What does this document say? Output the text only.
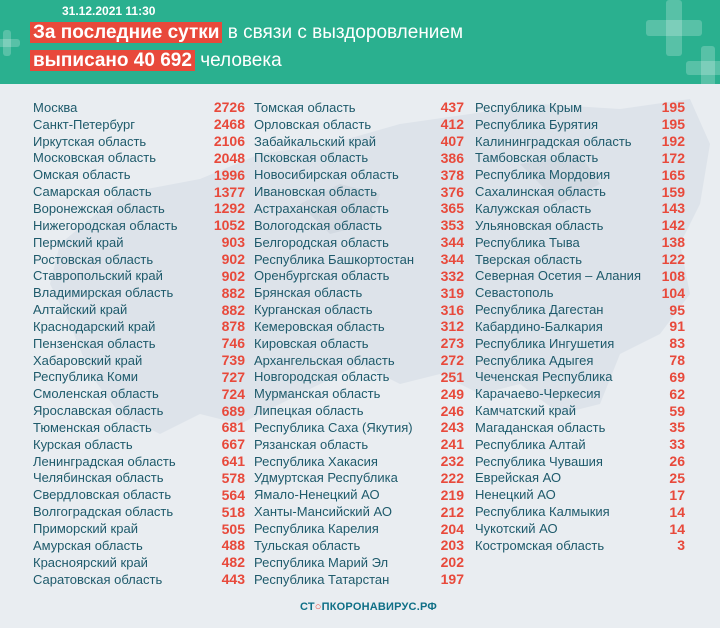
31.12.2021 11:30
За последние сутки в связи с выздоровлением
выписано 40 692 человека
Москва	2726
Санкт-Петербург	2468
Иркутская область	2106
Московская область	2048
Омская область	1996
Самарская область	1377
Воронежская область	1292
Нижегородская область	1052
Пермский край	903
Ростовская область	902
Ставропольский край	902
Владимирская область	882
Алтайский край	882
Краснодарский край	878
Пензенская область	746
Хабаровский край	739
Республика Коми	727
Смоленская область	724
Ярославская область	689
Тюменская область	681
Курская область	667
Ленинградская область	641
Челябинская область	578
Свердловская область	564
Волгоградская область	518
Приморский край	505
Амурская область	488
Красноярский край	482
Саратовская область	443
Томская область	437
Орловская область	412
Забайкальский край	407
Псковская область	386
Новосибирская область	378
Ивановская область	376
Астраханская область	365
Вологодская область	353
Белгородская область	344
Республика Башкортостан 344
Оренбургская область	332
Брянская область	319
Курганская область	316
Кемеровская область	312
Кировская область	273
Архангельская область	272
Новгородская область	251
Мурманская область	249
Липецкая область	246
Республика Саха (Якутия) 243
Рязанская область	241
Республика Хакасия	232
Удмуртская Республика	222
Ямало-Ненецкий АО	219
Ханты-Мансийский АО	212
Республика Карелия	204
Тульская область	203
Республика Марий Эл	202
Республика Татарстан	197
Республика Крым	195
Республика Бурятия	195
Калининградская область 192
Тамбовская область	172
Республика Мордовия	165
Сахалинская область	159
Калужская область	143
Ульяновская область	142
Республика Тыва	138
Тверская область	122
Северная Осетия – Алания 108
Севастополь	104
Республика Дагестан	95
Кабардино-Балкария	91
Республика Ингушетия	83
Республика Адыгея	78
Чеченская Республика	69
Карачаево-Черкесия	62
Камчатский край	59
Магаданская область	35
Республика Алтай	33
Республика Чувашия	26
Еврейская АО	25
Ненецкий АО	17
Республика Калмыкия	14
Чукотский АО	14
Костромская область	3
СТ○ПКОРОНАВИРУС.РФ
